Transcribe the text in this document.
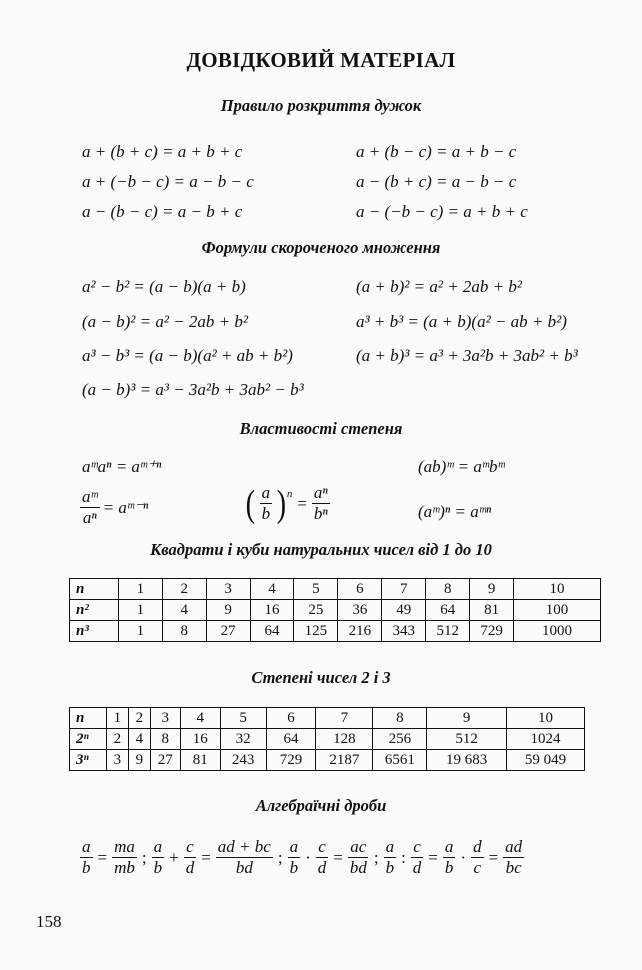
ДОВІДКОВИЙ МАТЕРІАЛ
Правило розкриття дужок
a + (b + c) = a + b + c
a + (−b − c) = a − b − c
a − (b − c) = a − b + c
a + (b − c) = a + b − c
a − (b + c) = a − b − c
a − (−b − c) = a + b + c
Формули скороченого множення
a² − b² = (a − b)(a + b)
(a − b)² = a² − 2ab + b²
a³ − b³ = (a − b)(a² + ab + b²)
(a − b)³ = a³ − 3a²b + 3ab² − b³
(a + b)² = a² + 2ab + b²
a³ + b³ = (a + b)(a² − ab + b²)
(a + b)³ = a³ + 3a²b + 3ab² + b³
Властивості степеня
aᵐaⁿ = aᵐ⁺ⁿ	(ab)ᵐ = aᵐbᵐ
$\frac{\text{aᵐ}}{\text{aⁿ}}$ = aᵐ⁻ⁿ	( $\frac{a}{b} )^n = \frac{\text{aⁿ}}{\text{bⁿ}}$	(aᵐ)ⁿ = aᵐⁿ
Квадрати і куби натуральних чисел від 1 до 10
n	1	2	3	4	5	6	7	8	9	10
n²	1	4	9	16	25	36	49	64	81	100
n³	1	8	27	64	125	216	343	512	729	1000
Степені чисел 2 і 3
n	1	2	3	4	5	6	7	8	9	10
2ⁿ	2	4	8	16	32	64	128	256	512	1024
3ⁿ	3	9	27	81	243	729	2187	6561	19 683	59 049
Алгебраїчні дроби
$\frac{a}{b} = \frac{ma}{mb}$ ; $\frac{a}{b} + \frac{c}{d} = \frac{ad + bc}{bd}$ ; $\frac{a}{b} \cdot \frac{c}{d} = \frac{ac}{bd}$ ; $\frac{a}{b}$ : $\frac{c}{d} = \frac{a}{b} \cdot \frac{d}{c} = \frac{ad}{bc}$
158
